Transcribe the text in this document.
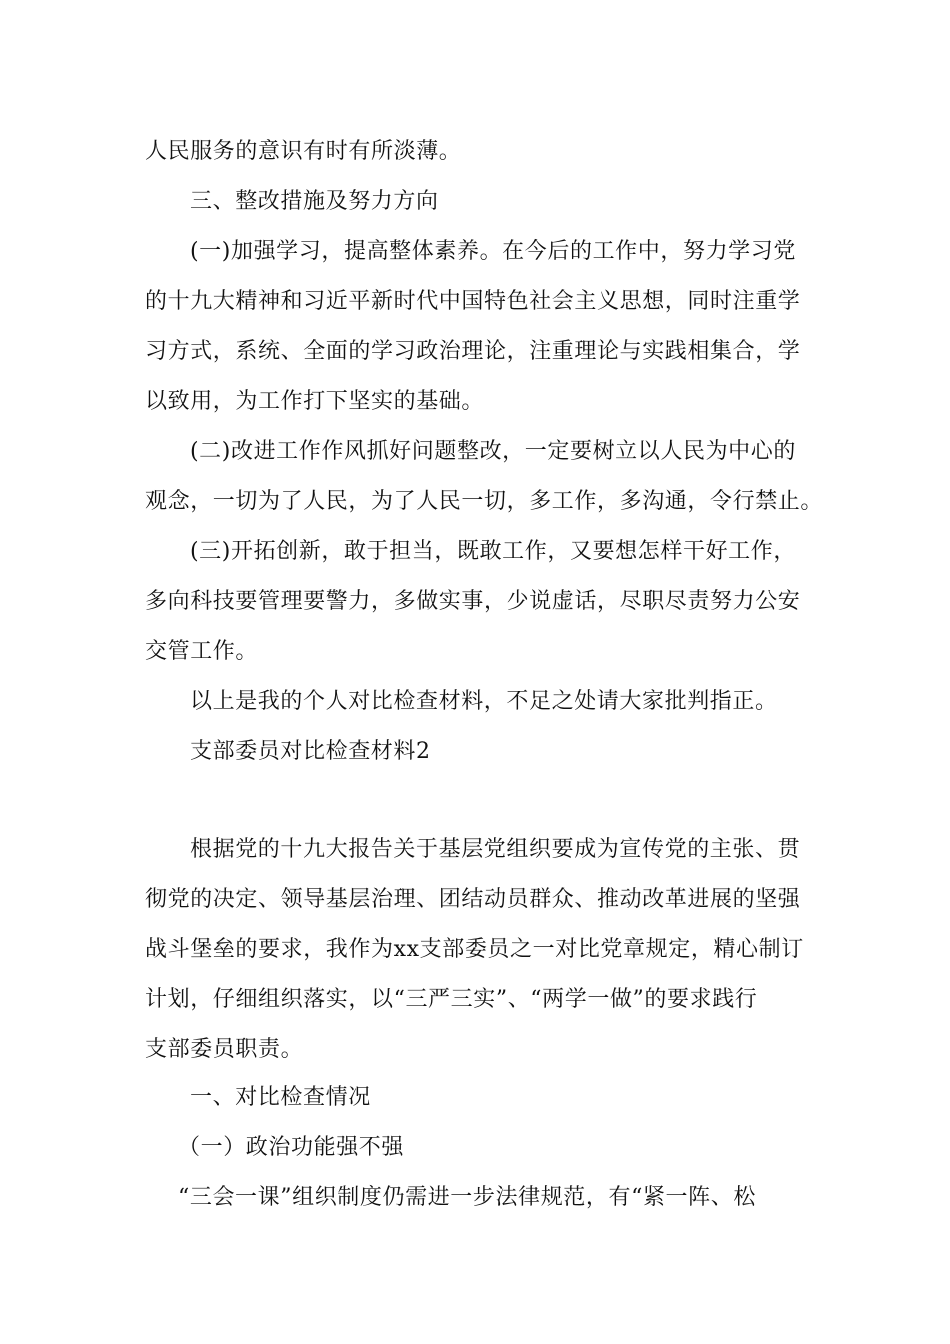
人民服务的意识有时有所淡薄。
三、整改措施及努力方向
(一)加强学习，提高整体素养。在今后的工作中，努力学习党
的十九大精神和习近平新时代中国特色社会主义思想，同时注重学
习方式，系统、全面的学习政治理论，注重理论与实践相集合，学
以致用，为工作打下坚实的基础。
(二)改进工作作风抓好问题整改，一定要树立以人民为中心的
观念，一切为了人民，为了人民一切，多工作，多沟通，令行禁止。
(三)开拓创新，敢于担当，既敢工作，又要想怎样干好工作，
多向科技要管理要警力，多做实事，少说虚话，尽职尽责努力公安
交管工作。
以上是我的个人对比检查材料，不足之处请大家批判指正。
支部委员对比检查材料2
根据党的十九大报告关于基层党组织要成为宣传党的主张、贯
彻党的决定、领导基层治理、团结动员群众、推动改革进展的坚强
战斗堡垒的要求，我作为xx支部委员之一对比党章规定，精心制订
计划，仔细组织落实，以“三严三实”、“两学一做”的要求践行
支部委员职责。
一、对比检查情况
（一）政治功能强不强
“三会一课”组织制度仍需进一步法律规范，有“紧一阵、松
